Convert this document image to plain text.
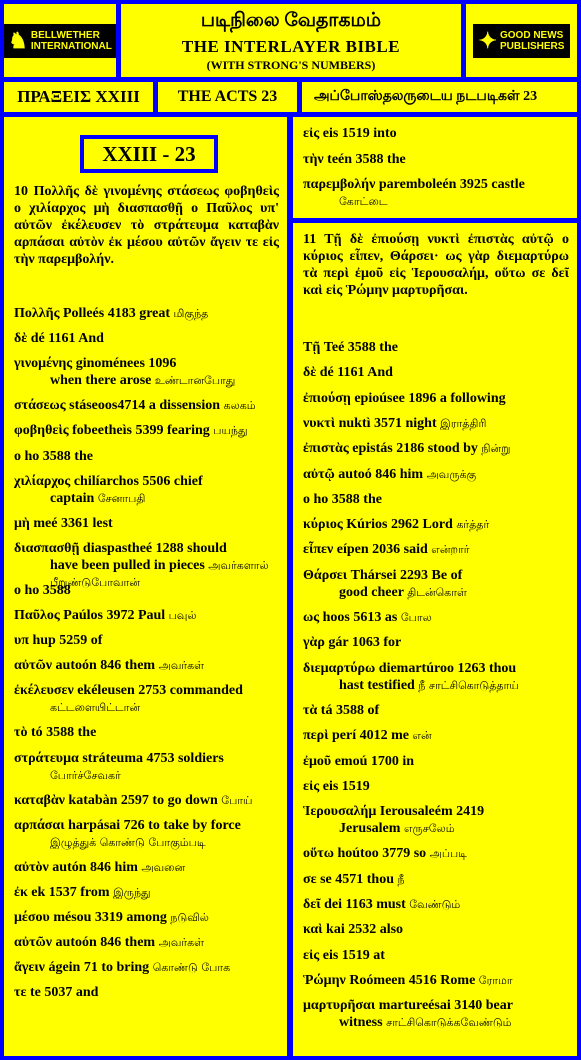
♞ BELLWETHER
INTERNATIONAL
படிநிலை வேதாகமம்
THE INTERLAYER BIBLE
(WITH STRONG'S NUMBERS)
✦ GOOD NEWS
PUBLISHERS
ΠΡΑΞΕΙΣ XXIII	THE ACTS 23	அப்போஸ்தலருடைய நடபடிகள் 23
XXIII - 23
10 Πολλῆς δὲ γινομένης στάσεως φοβηθεὶς ο χιλίαρχος μὴ διασπασθῇ ο Παῦλος υπ' αὐτῶν ἐκέλευσεν τὸ στράτευμα καταβὰν αρπάσαι αὐτὸν ἐκ μέσου αὐτῶν ἄγειν τε εἰς τὴν παρεμβολήν.
Πολλῆς Polleés 4183 great மிகுந்த
δὲ dé 1161 And
γινομένης ginoménees 1096
when there arose உண்டானபோது
στάσεως stáseoos4714 a dissension கலகம்
φοβηθεὶς fobeetheìs 5399 fearing பயந்து
ο ho 3588 the
χιλίαρχος chilíarchos 5506 chief
captain சேனாபதி
μὴ meé 3361 lest
διασπασθῇ diaspastheé 1288 should
have been pulled in pieces அவர்களால் பீறுண்டுபோவான்
ο ho 3588
Παῦλος Paúlos 3972 Paul பவுல்
υπ hup 5259 of
αὐτῶν autoón 846 them அவர்கள்
ἐκέλευσεν ekéleusen 2753 commanded
கட்டளையிட்டான்
τὸ tó 3588 the
στράτευμα stráteuma 4753 soldiers
போர்ச்சேவகர்
καταβὰν katabàn 2597 to go down போய்
αρπάσαι harpásai 726 to take by force
இழுத்துக் கொண்டு போகும்படி
αὐτὸν autón 846 him அவனை
ἐκ ek 1537 from இருந்து
μέσου mésou 3319 among நடுவில்
αὐτῶν autoón 846 them அவர்கள்
ἄγειν ágein 71 to bring கொண்டு போக
τε te 5037 and
εἰς eis 1519 into
τὴν teén 3588 the
παρεμβολήν paremboleén 3925 castle
கோட்டை
11 Τῇ δὲ ἐπιούσῃ νυκτὶ ἐπιστὰς αὐτῷ ο κύριος εἶπεν, Θάρσει· ως γὰρ διεμαρτύρω τὰ περὶ ἐμοῦ εἰς Ἱερουσαλήμ, οὕτω σε δεῖ καὶ εἰς Ῥώμην μαρτυρῆσαι.
Τῇ Teé 3588 the
δὲ dé 1161 And
ἐπιούσῃ epioúsee 1896 a following
νυκτὶ nuktì 3571 night இராத்திரி
ἐπιστὰς epistás 2186 stood by நின்று
αὐτῷ autoó 846 him அவருக்கு
ο ho 3588 the
κύριος Kúrios 2962 Lord கர்த்தர்
εἶπεν eípen 2036 said என்றார்
Θάρσει Thársei 2293 Be of
good cheer திடன்கொள்
ως hoos 5613 as போல
γὰρ gár 1063 for
διεμαρτύρω diemartúroo 1263 thou
hast testified நீ சாட்சிகொடுத்தாய்
τὰ tá 3588 of
περὶ perí 4012 me என்
ἐμοῦ emoú 1700 in
εἰς eis 1519
Ἱερουσαλήμ Ierousaleém 2419
Jerusalem எருசலேம்
οὕτω hoútoo 3779 so அப்படி
σε se 4571 thou நீ
δεῖ dei 1163 must வேண்டும்
καὶ kai 2532 also
εἰς eis 1519 at
Ῥώμην Roómeen 4516 Rome ரோமா
μαρτυρῆσαι martureésai 3140 bear
witness சாட்சிகொடுக்கவேண்டும்
